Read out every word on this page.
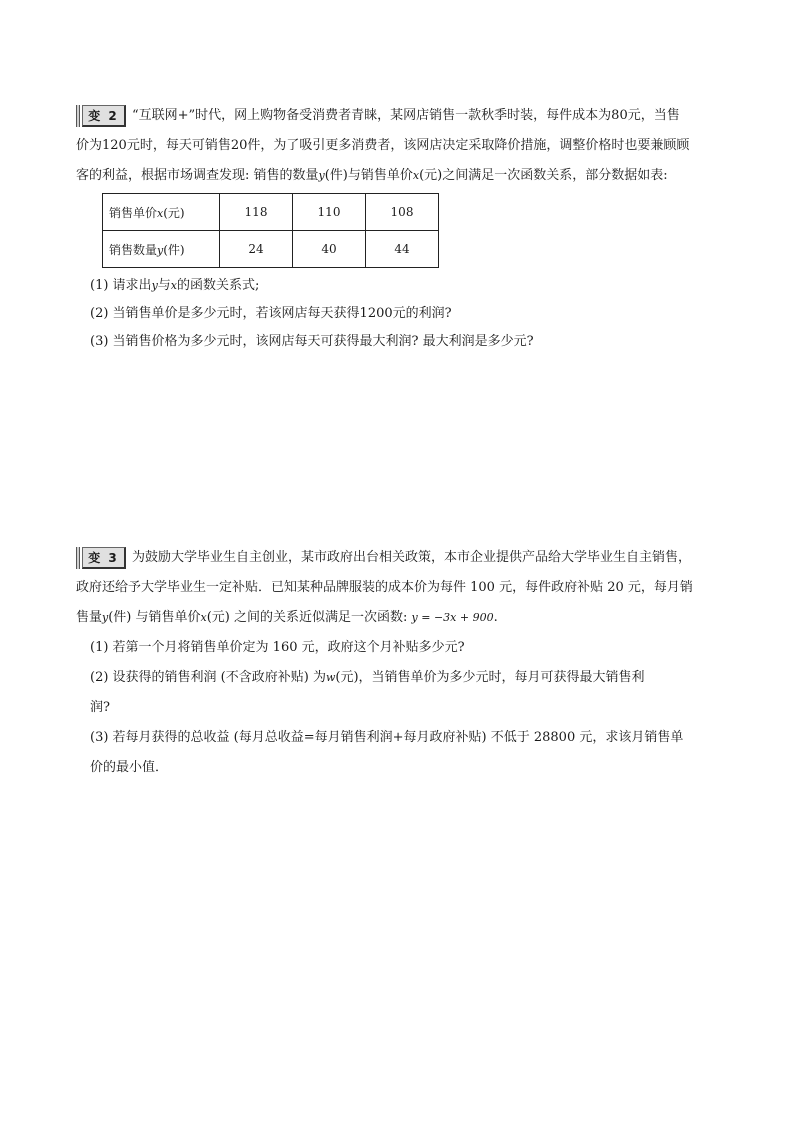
变 2	“互联网+”时代，网上购物备受消费者青睐，某网店销售一款秋季时装，每件成本为80元，当售
价为120元时，每天可销售20件，为了吸引更多消费者，该网店决定采取降价措施，调整价格时也要兼顾顾
客的利益，根据市场调查发现: 销售的数量y(件)与销售单价x(元)之间满足一次函数关系，部分数据如表:

销售单价x(元)	118	110	108
销售数量y(件)	24	40	44

(1) 请求出y与x的函数关系式;

(2) 当销售单价是多少元时，若该网店每天获得1200元的利润?

(3) 当销售价格为多少元时，该网店每天可获得最大利润? 最大利润是多少元?

变 3	为鼓励大学毕业生自主创业，某市政府出台相关政策，本市企业提供产品给大学毕业生自主销售，
政府还给予大学毕业生一定补贴．已知某种品牌服装的成本价为每件 100 元，每件政府补贴 20 元，每月销
售量y(件) 与销售单价x(元) 之间的关系近似满足一次函数: y = −3x + 900.

(1) 若第一个月将销售单价定为 160 元，政府这个月补贴多少元?

(2) 设获得的销售利润 (不含政府补贴) 为w(元)，当销售单价为多少元时，每月可获得最大销售利
润?

(3) 若每月获得的总收益 (每月总收益=每月销售利润+每月政府补贴) 不低于 28800 元，求该月销售单
价的最小值．
